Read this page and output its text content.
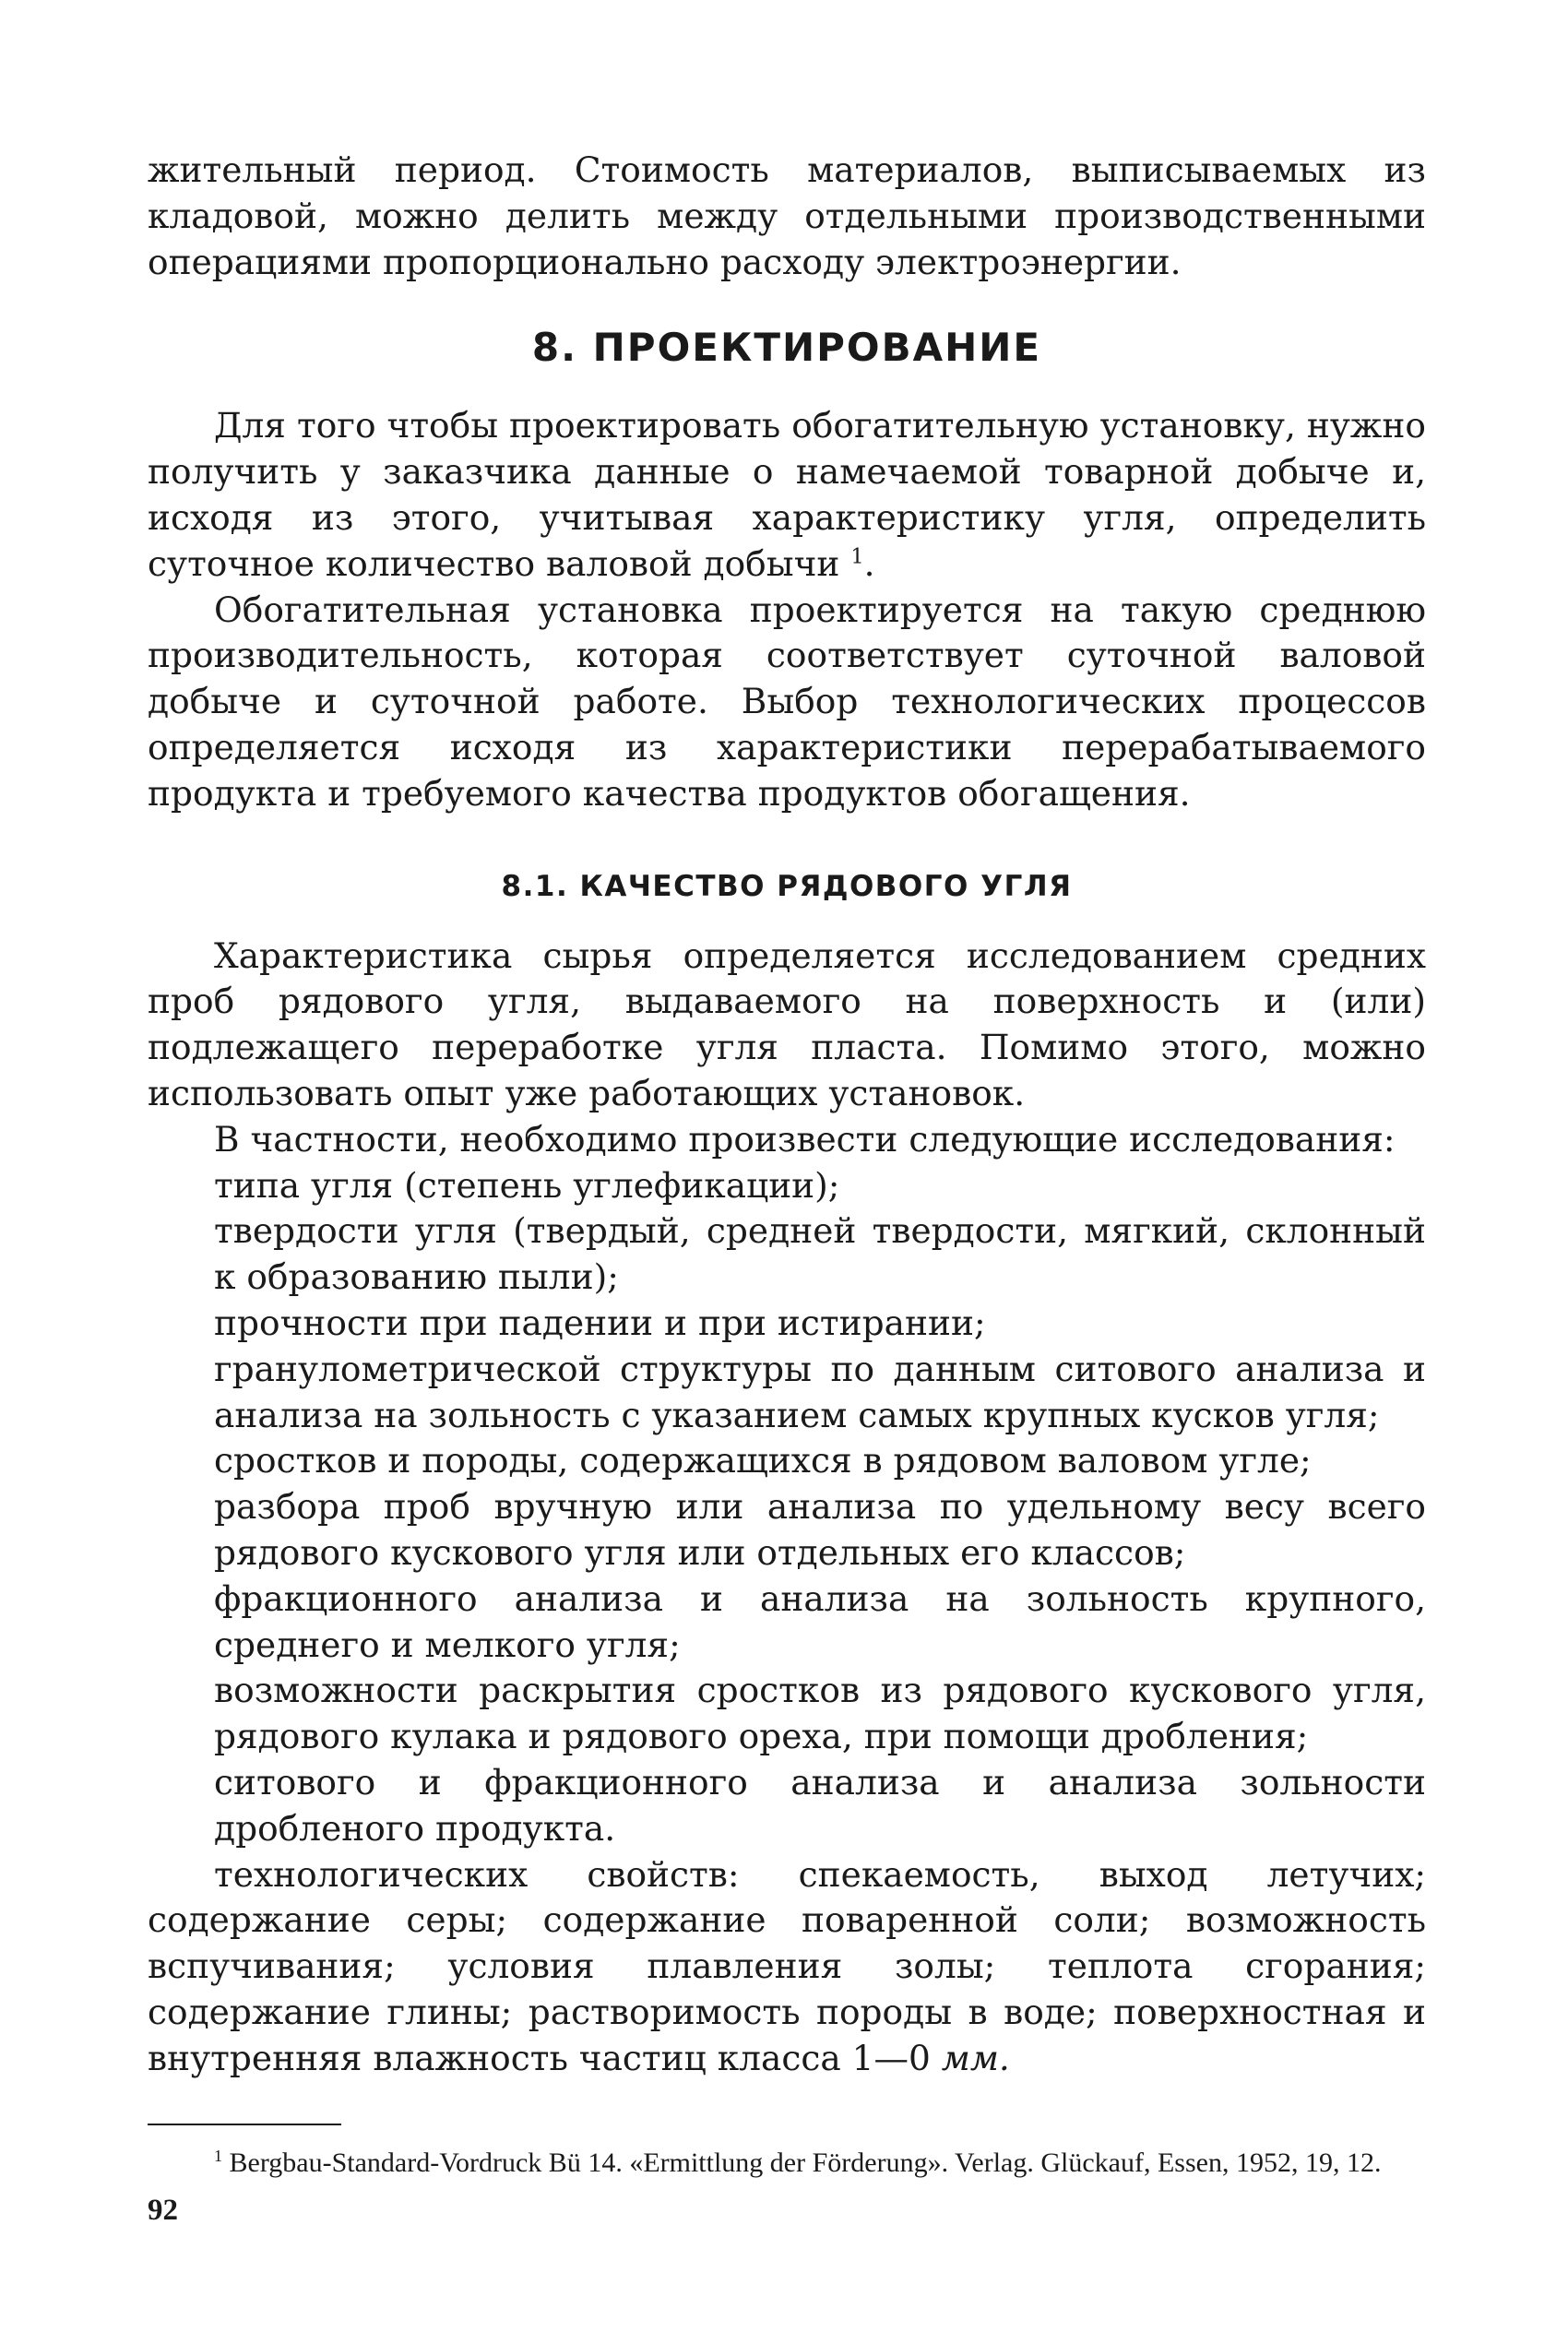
жительный период. Стоимость материалов, выписываемых из кладовой, можно делить между отдельными производственными операциями пропорционально расходу электроэнергии.

8. ПРОЕКТИРОВАНИЕ

Для того чтобы проектировать обогатительную установку, нужно получить у заказчика данные о намечаемой товарной добыче и, исходя из этого, учитывая характеристику угля, определить суточное количество валовой добычи $^1$.

Обогатительная установка проектируется на такую среднюю производительность, которая соответствует суточной валовой добыче и суточной работе. Выбор технологических процессов определяется исходя из характеристики перерабатываемого продукта и требуемого качества продуктов обогащения.

8.1. КАЧЕСТВО РЯДОВОГО УГЛЯ

Характеристика сырья определяется исследованием средних проб рядового угля, выдаваемого на поверхность и (или) подлежащего переработке угля пласта. Помимо этого, можно использовать опыт уже работающих установок.

В частности, необходимо произвести следующие исследования:

типа угля (степень углефикации);
твердости угля (твердый, средней твердости, мягкий, склонный к образованию пыли);
прочности при падении и при истирании;
гранулометрической структуры по данным ситового анализа и анализа на зольность с указанием самых крупных кусков угля;
сростков и породы, содержащихся в рядовом валовом угле;
разбора проб вручную или анализа по удельному весу всего рядового кускового угля или отдельных его классов;
фракционного анализа и анализа на зольность крупного, среднего и мелкого угля;
возможности раскрытия сростков из рядового кускового угля, рядового кулака и рядового ореха, при помощи дробления;
ситового и фракционного анализа и анализа зольности дробленого продукта.

технологических свойств: спекаемость, выход летучих; содержание серы; содержание поваренной соли; возможность вспучивания; условия плавления золы; теплота сгорания; содержание глины; растворимость породы в воде; поверхностная и внутренняя влажность частиц класса 1—0 мм.

$^1$ Bergbau-Standard-Vordruck Bü 14. «Ermittlung der Förderung». Verlag. Glückauf, Essen, 1952, 19, 12.

92
